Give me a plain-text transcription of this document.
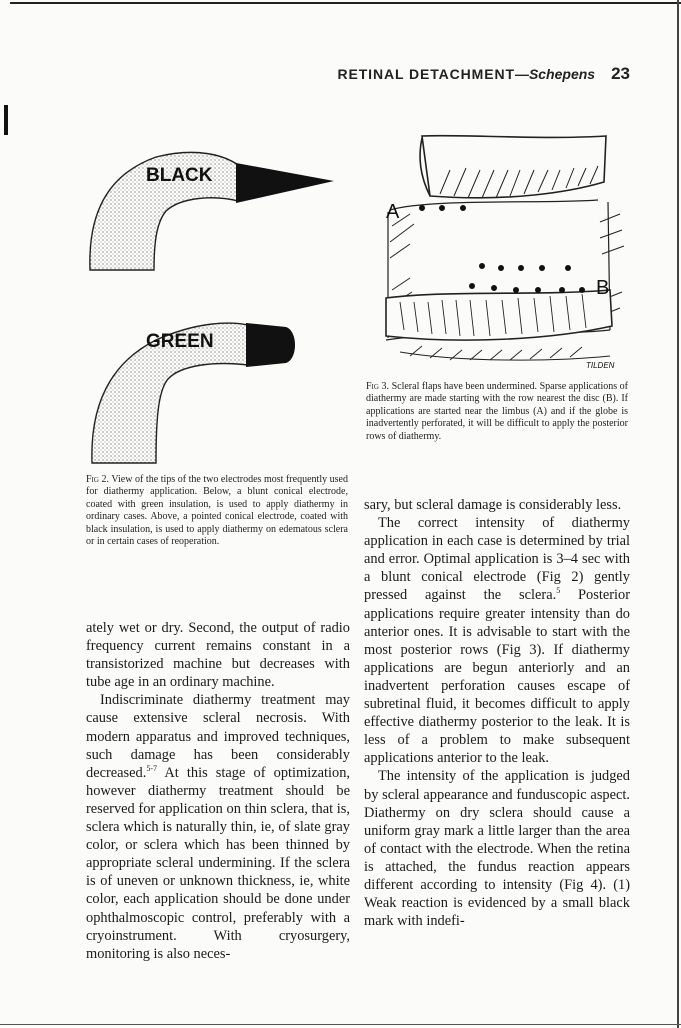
RETINAL DETACHMENT—Schepens 23
BLACK
GREEN
A
B
TILDEN
Fig 3. Scleral flaps have been undermined. Sparse applications of diathermy are made starting with the row nearest the disc (B). If applications are started near the limbus (A) and if the globe is inadvertently perforated, it will be difficult to apply the posterior rows of diathermy.
Fig 2. View of the tips of the two electrodes most frequently used for diathermy application. Below, a blunt conical electrode, coated with green insulation, is used to apply diathermy in ordinary cases. Above, a pointed conical electrode, coated with black insulation, is used to apply diathermy on edematous sclera or in certain cases of reoperation.

ately wet or dry. Second, the output of radio frequency current remains constant in a transistorized machine but decreases with tube age in an ordinary machine.

Indiscriminate diathermy treatment may cause extensive scleral necrosis. With modern apparatus and improved techniques, such damage has been considerably decreased.$^{5-7}$ At this stage of optimization, however diathermy treatment should be reserved for application on thin sclera, that is, sclera which is naturally thin, ie, of slate gray color, or sclera which has been thinned by appropriate scleral undermining. If the sclera is of uneven or unknown thickness, ie, white color, each application should be done under ophthalmoscopic control, preferably with a cryoinstrument. With cryosurgery, monitoring is also neces-

sary, but scleral damage is considerably less.

The correct intensity of diathermy application in each case is determined by trial and error. Optimal application is 3–4 sec with a blunt conical electrode (Fig 2) gently pressed against the sclera.$^5$ Posterior applications require greater intensity than do anterior ones. It is advisable to start with the most posterior rows (Fig 3). If diathermy applications are begun anteriorly and an inadvertent perforation causes escape of subretinal fluid, it becomes difficult to apply effective diathermy posterior to the leak. It is less of a problem to make subsequent applications anterior to the leak.

The intensity of the application is judged by scleral appearance and funduscopic aspect. Diathermy on dry sclera should cause a uniform gray mark a little larger than the area of contact with the electrode. When the retina is attached, the fundus reaction appears different according to intensity (Fig 4). (1) Weak reaction is evidenced by a small black mark with indefi-
